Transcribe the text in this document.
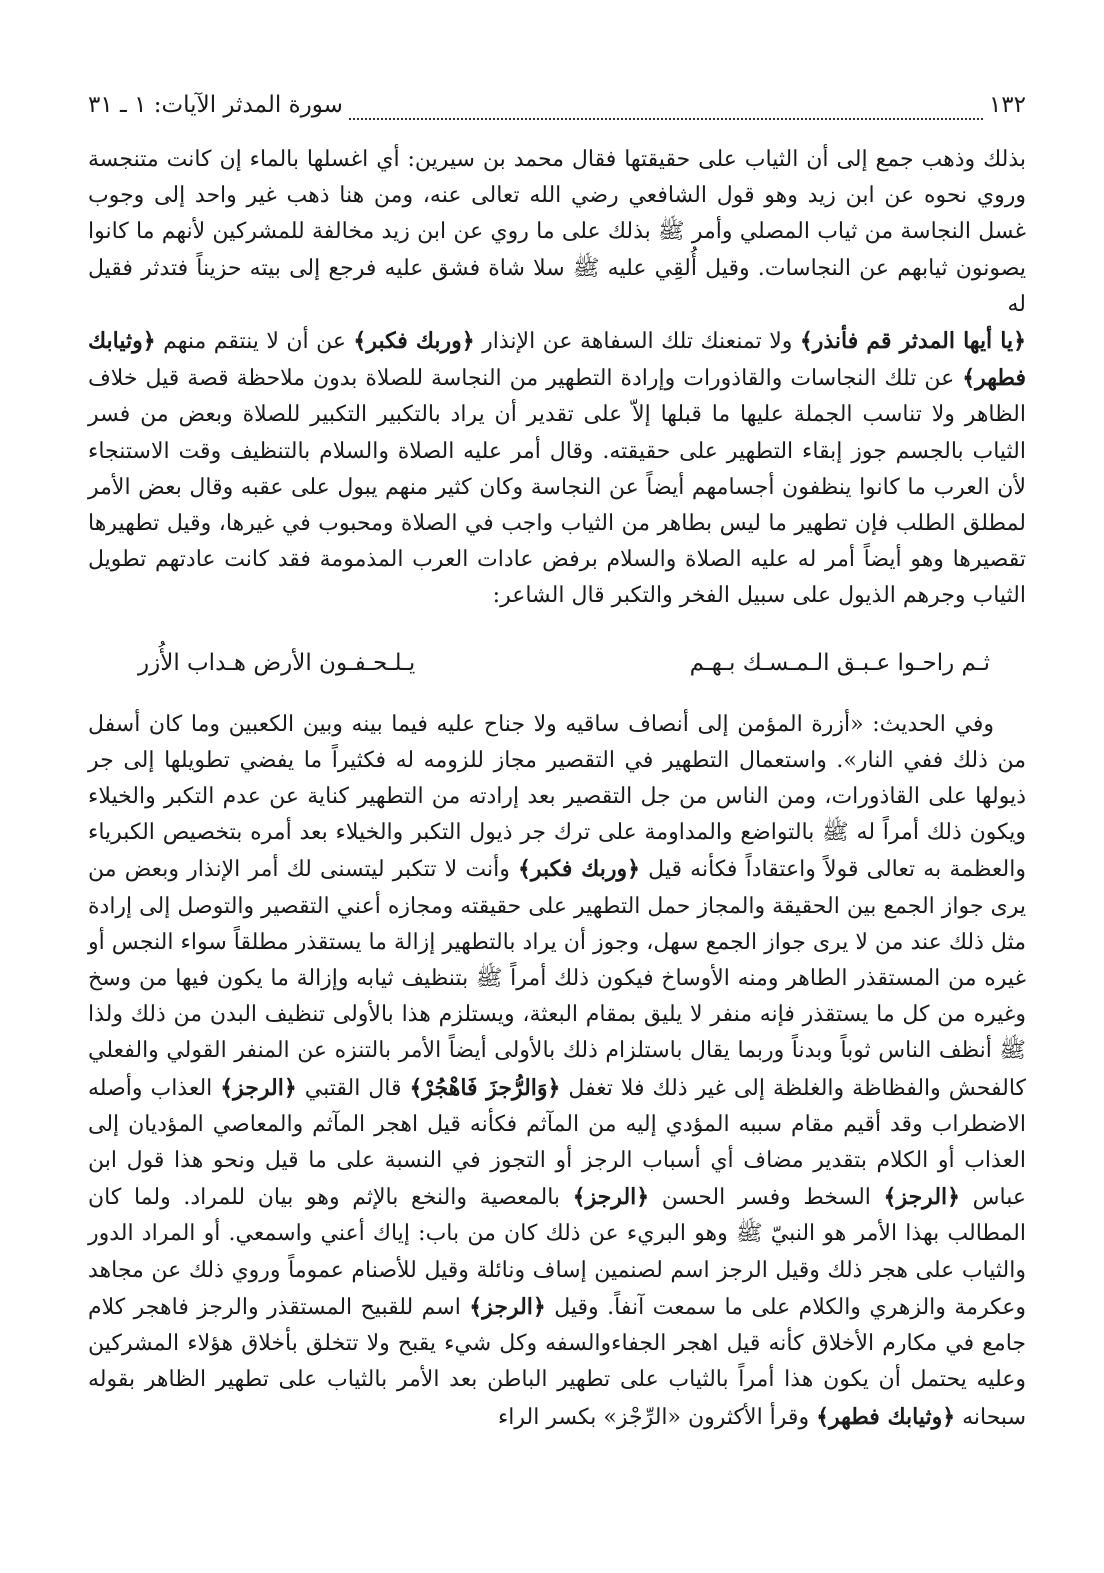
١٣٢
سورة المدثر الآيات: ١ ـ ٣١

بذلك وذهب جمع إلى أن الثياب على حقيقتها فقال محمد بن سيرين: أي اغسلها بالماء إن كانت متنجسة وروي نحوه عن ابن زيد وهو قول الشافعي رضي الله تعالى عنه، ومن هنا ذهب غير واحد إلى وجوب غسل النجاسة من ثياب المصلي وأمر ﷺ بذلك على ما روي عن ابن زيد مخالفة للمشركين لأنهم ما كانوا يصونون ثيابهم عن النجاسات. وقيل أُلقِي عليه ﷺ سلا شاة فشق عليه فرجع إلى بيته حزيناً فتدثر فقيل له
﴿يا أيها المدثر قم فأنذر﴾ ولا تمنعنك تلك السفاهة عن الإنذار ﴿وربك فكبر﴾ عن أن لا ينتقم منهم ﴿وثيابك فطهر﴾ عن تلك النجاسات والقاذورات وإرادة التطهير من النجاسة للصلاة بدون ملاحظة قصة قيل خلاف الظاهر ولا تناسب الجملة عليها ما قبلها إلاّ على تقدير أن يراد بالتكبير التكبير للصلاة وبعض من فسر الثياب بالجسم جوز إبقاء التطهير على حقيقته. وقال أمر عليه الصلاة والسلام بالتنظيف وقت الاستنجاء لأن العرب ما كانوا ينظفون أجسامهم أيضاً عن النجاسة وكان كثير منهم يبول على عقبه وقال بعض الأمر لمطلق الطلب فإن تطهير ما ليس بطاهر من الثياب واجب في الصلاة ومحبوب في غيرها، وقيل تطهيرها تقصيرها وهو أيضاً أمر له عليه الصلاة والسلام برفض عادات العرب المذمومة فقد كانت عادتهم تطويل الثياب وجرهم الذيول على سبيل الفخر والتكبر قال الشاعر:

ثـم راحـوا عـبـق الـمـسـك بـهـم
يـلـحـفـون الأرض هـداب الأُزر

وفي الحديث: «أزرة المؤمن إلى أنصاف ساقيه ولا جناح عليه فيما بينه وبين الكعبين وما كان أسفل من ذلك ففي النار». واستعمال التطهير في التقصير مجاز للزومه له فكثيراً ما يفضي تطويلها إلى جر ذيولها على القاذورات، ومن الناس من جل التقصير بعد إرادته من التطهير كناية عن عدم التكبر والخيلاء ويكون ذلك أمراً له ﷺ بالتواضع والمداومة على ترك جر ذيول التكبر والخيلاء بعد أمره بتخصيص الكبرياء والعظمة به تعالى قولاً واعتقاداً فكأنه قيل ﴿وربك فكبر﴾ وأنت لا تتكبر ليتسنى لك أمر الإنذار وبعض من يرى جواز الجمع بين الحقيقة والمجاز حمل التطهير على حقيقته ومجازه أعني التقصير والتوصل إلى إرادة مثل ذلك عند من لا يرى جواز الجمع سهل، وجوز أن يراد بالتطهير إزالة ما يستقذر مطلقاً سواء النجس أو غيره من المستقذر الطاهر ومنه الأوساخ فيكون ذلك أمراً ﷺ بتنظيف ثيابه وإزالة ما يكون فيها من وسخ وغيره من كل ما يستقذر فإنه منفر لا يليق بمقام البعثة، ويستلزم هذا بالأولى تنظيف البدن من ذلك ولذا ﷺ أنظف الناس ثوباً وبدناً وربما يقال باستلزام ذلك بالأولى أيضاً الأمر بالتنزه عن المنفر القولي والفعلي كالفحش والفظاظة والغلظة إلى غير ذلك فلا تغفل ﴿وَالرُّجزَ فَاهْجُرْ﴾ قال القتبي ﴿الرجز﴾ العذاب وأصله الاضطراب وقد أقيم مقام سببه المؤدي إليه من المآثم فكأنه قيل اهجر المآثم والمعاصي المؤديان إلى العذاب أو الكلام بتقدير مضاف أي أسباب الرجز أو التجوز في النسبة على ما قيل ونحو هذا قول ابن عباس ﴿الرجز﴾ السخط وفسر الحسن ﴿الرجز﴾ بالمعصية والنخع بالإثم وهو بيان للمراد. ولما كان المطالب بهذا الأمر هو النبيّ ﷺ وهو البريء عن ذلك كان من باب: إياك أعني واسمعي. أو المراد الدور والثياب على هجر ذلك وقيل الرجز اسم لصنمين إساف ونائلة وقيل للأصنام عموماً وروي ذلك عن مجاهد وعكرمة والزهري والكلام على ما سمعت آنفاً. وقيل ﴿الرجز﴾ اسم للقبيح المستقذر والرجز فاهجر كلام جامع في مكارم الأخلاق كأنه قيل اهجر الجفاءوالسفه وكل شيء يقبح ولا تتخلق بأخلاق هؤلاء المشركين وعليه يحتمل أن يكون هذا أمراً بالثياب على تطهير الباطن بعد الأمر بالثياب على تطهير الظاهر بقوله سبحانه ﴿وثيابك فطهر﴾ وقرأ الأكثرون «الرِّجْز» بكسر الراء
